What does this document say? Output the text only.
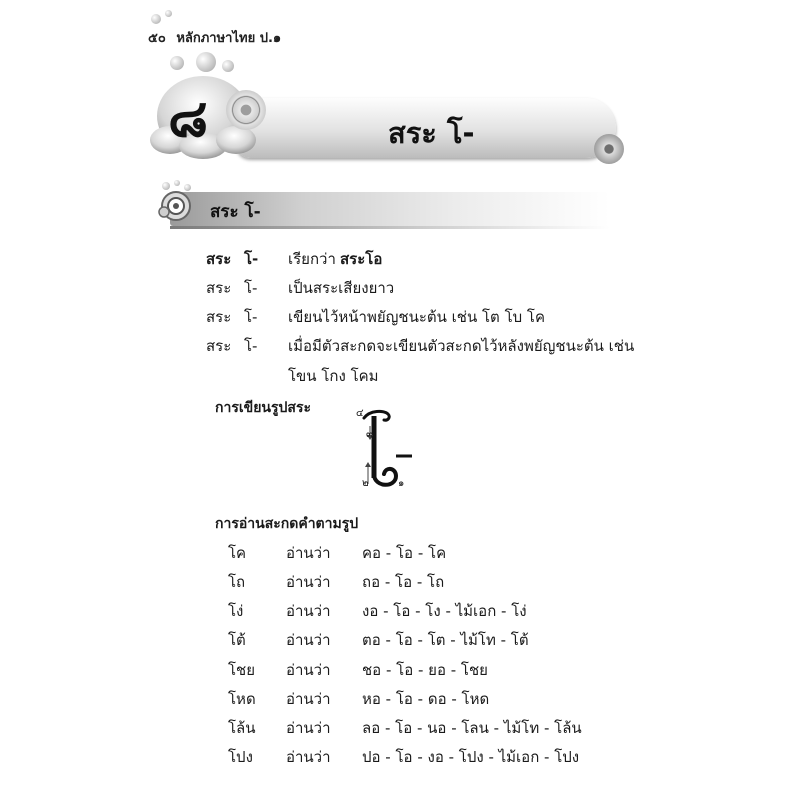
๕๐ หลักภาษาไทย ป.๑
๘	สระ โ-
สระ โ-
สระ โ- เรียกว่า สระโอ
สระ โ- เป็นสระเสียงยาว
สระ โ- เขียนไว้หน้าพยัญชนะต้น เช่น โต โบ โค
สระ โ- เมื่อมีตัวสะกดจะเขียนตัวสะกดไว้หลังพยัญชนะต้น เช่น
โขน โกง โคม
การเขียนรูปสระ	๔
๓
๒	๑
การอ่านสะกดคำตามรูป
โค	อ่านว่า คอ - โอ - โค
โถ	อ่านว่า ถอ - โอ - โถ
โง่	อ่านว่า งอ - โอ - โง - ไม้เอก - โง่
โต้	อ่านว่า ตอ - โอ - โต - ไม้โท - โต้
โชย อ่านว่า ชอ - โอ - ยอ - โชย
โหด อ่านว่า หอ - โอ - ดอ - โหด
โล้น อ่านว่า ลอ - โอ - นอ - โลน - ไม้โท - โล้น
โปง อ่านว่า ปอ - โอ - งอ - โปง - ไม้เอก - โปง
